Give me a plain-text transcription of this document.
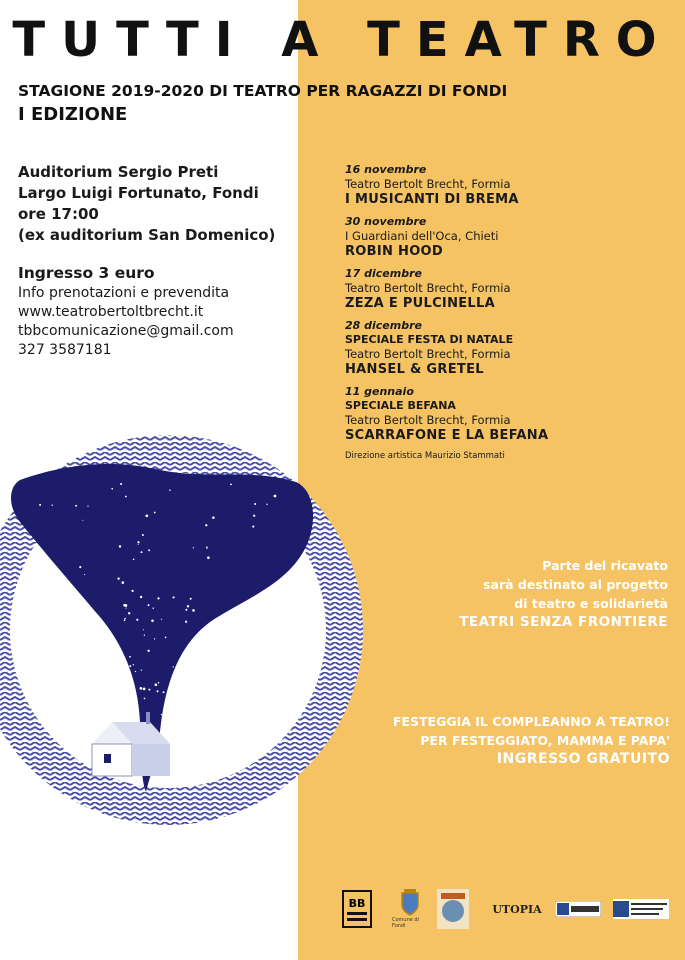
TUTTI A TEATRO
STAGIONE 2019-2020 DI TEATRO PER RAGAZZI DI FONDI
I EDIZIONE
Auditorium Sergio Preti
Largo Luigi Fortunato, Fondi
ore 17:00
(ex auditorium San Domenico)
Ingresso 3 euro
Info prenotazioni e prevendita
www.teatrobertoltbrecht.it
tbbcomunicazione@gmail.com
327 3587181
16 novembre
Teatro Bertolt Brecht, Formia
I MUSICANTI DI BREMA
30 novembre
I Guardiani dell'Oca, Chieti
ROBIN HOOD
17 dicembre
Teatro Bertolt Brecht, Formia
ZEZA E PULCINELLA
28 dicembre
SPECIALE FESTA DI NATALE
Teatro Bertolt Brecht, Formia
HANSEL & GRETEL
11 gennaio
SPECIALE BEFANA
Teatro Bertolt Brecht, Formia
SCARRAFONE E LA BEFANA
Direzione artistica Maurizio Stammati
Parte del ricavato
sarà destinato al progetto
di teatro e solidarietà
TEATRI SENZA FRONTIERE
FESTEGGIA IL COMPLEANNO A TEATRO!
PER FESTEGGIATO, MAMMA E PAPA'
INGRESSO GRATUITO
BB
Comune di Fondi
UTOPIA
